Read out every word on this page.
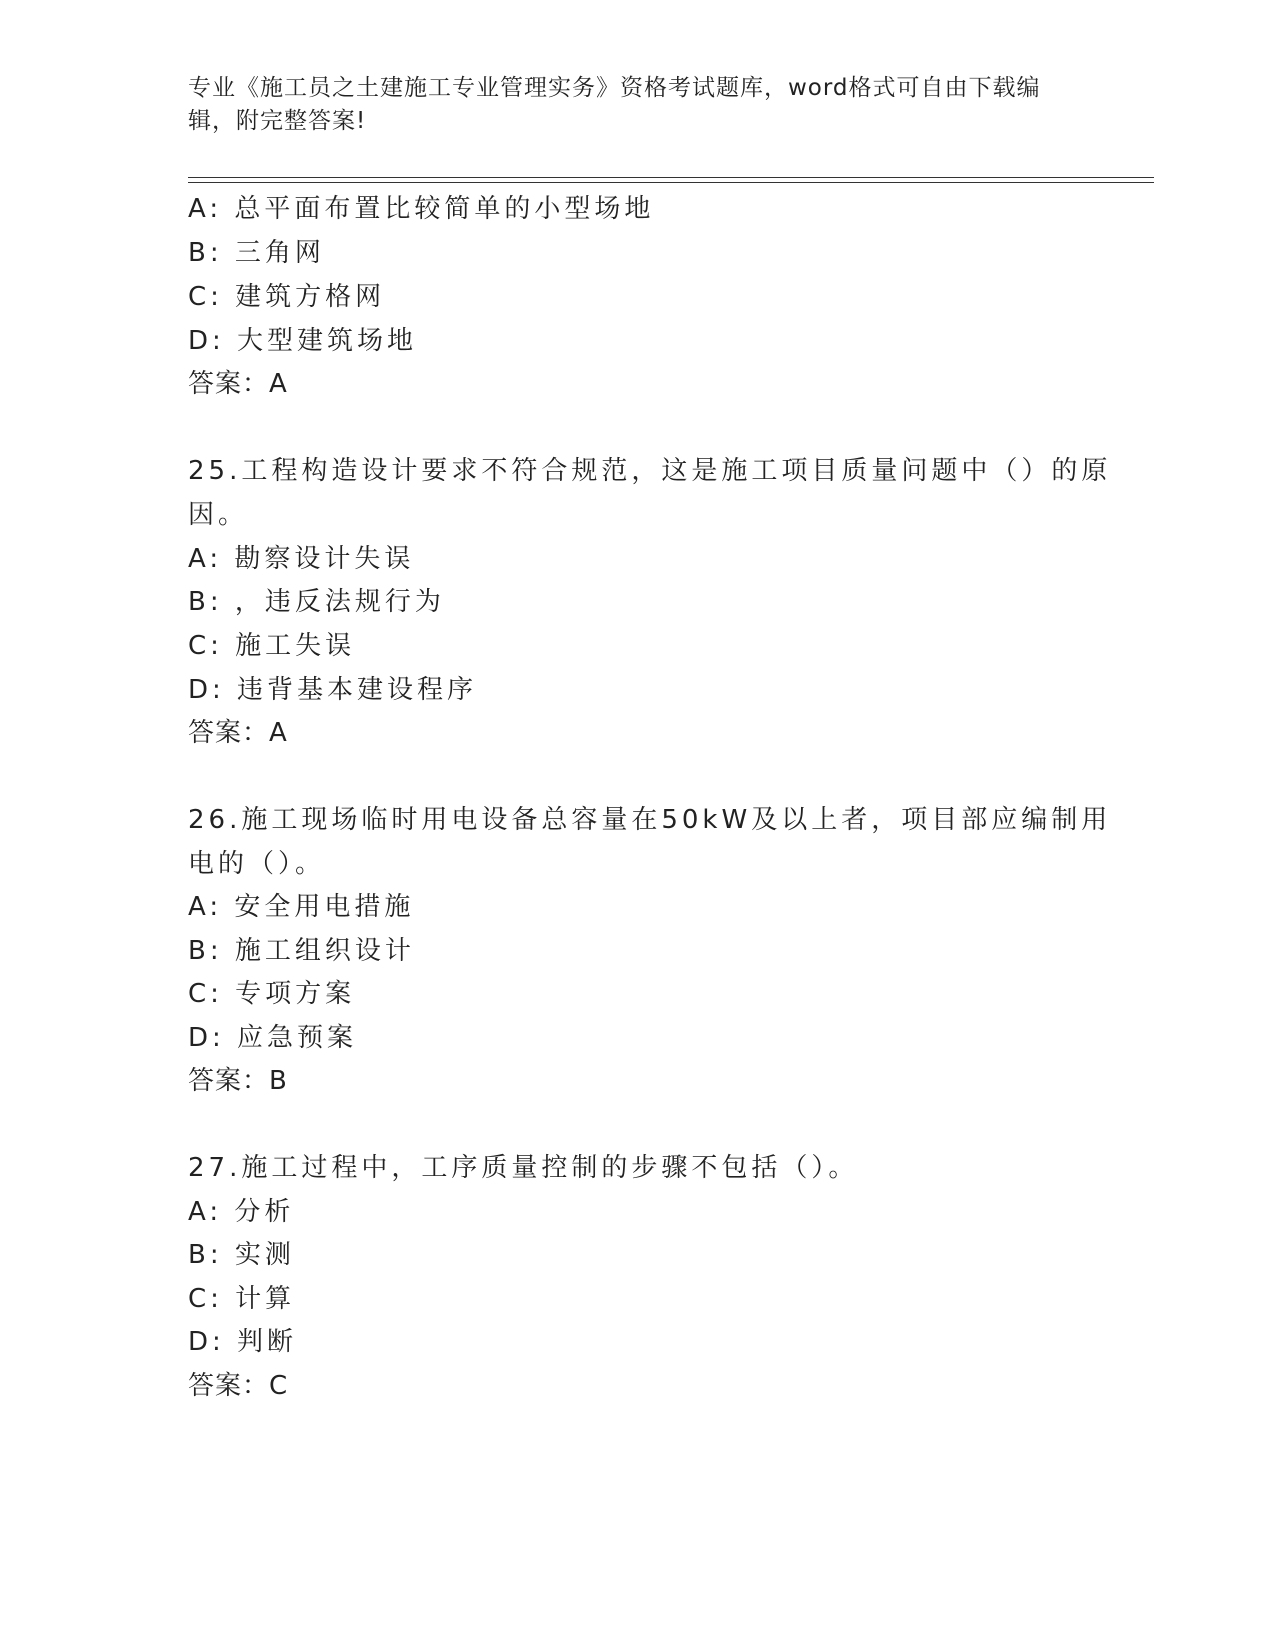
专业《施工员之土建施工专业管理实务》资格考试题库，word格式可自由下载编
辑，附完整答案!
A: 总平面布置比较简单的小型场地
B: 三角网
C: 建筑方格网
D: 大型建筑场地
答案：A
25.工程构造设计要求不符合规范，这是施工项目质量问题中（）的原
因。
A: 勘察设计失误
B: ，违反法规行为
C: 施工失误
D: 违背基本建设程序
答案：A
26.施工现场临时用电设备总容量在50kW及以上者，项目部应编制用
电的（）。
A: 安全用电措施
B: 施工组织设计
C: 专项方案
D: 应急预案
答案：B
27.施工过程中，工序质量控制的步骤不包括（）。
A: 分析
B: 实测
C: 计算
D: 判断
答案：C
